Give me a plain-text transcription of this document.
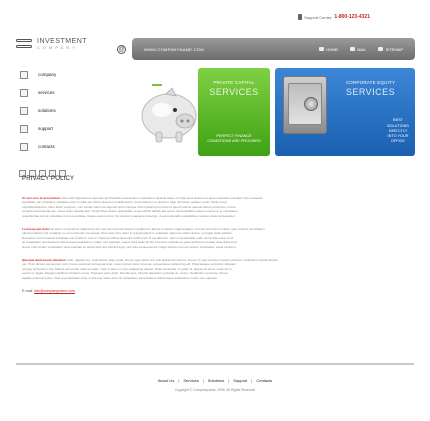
Support Center: 1-800-123-4321
INVESTMENT
COMPANY	@
company
services
solutions
support
contacts
WWW.COMPANYNAME.COM	HOME	MAIL	SITEMAP
PRIVATE CAPITAL
SERVICES
PERFECT FINANCE
CONDITIONS ARE PROVIDED
CORPORATE EQUITY
SERVICES
BEST SOLUTIONS
DIRECTLY INTO YOUR OFFICE
PRIVACY POLICY
At vero eos et accusamus iusto odio dignissimos ducimus qui blanditiis praesentium voluptatum deleniti atque corrupti quos dolores et quas molestias excepturi sint occaecati
cupiditate non provident, similique sunt in culpa qui officia deserunt mollitia animi, id est laborum et dolorum fuga. Et harum quidem rerum facilis est et
expedita distinctio. Nam libero tempore, cum soluta nobis est eligendi optio cumque nihil impedit quo minus id quod maxime placeat facere possimus, omnis
voluptas assumenda est, omnis dolor repellendus. Temporibus autem quibusdam et aut officiis debitis aut rerum necessitatibus saepe eveniet ut et voluptates
repudiandae sint et molestiae non recusandae. Itaque earum rerum hic tenetur a sapiente delectus, ut aut reiciendis voluptatibus maiores alias consequatur.
Lorem ipsum dolor sit amet, consectetur adipisicing elit, sed do eiusmod tempor incididunt ut labore et dolore magna aliqua. Ut enim ad minim veniam, quis nostrud exercitation
ullamco laboris nisi ut aliquip ex ea commodo consequat. Duis aute irure dolor in reprehenderit in voluptate velit esse cillum dolore eu fugiat nulla pariatur.
Excepteur sint occaecat cupidatat non proident, sunt in culpa qui officia deserunt mollit anim id est laborum. Sed ut perspiciatis unde omnis iste natus error
sit voluptatem accusantium doloremque laudantium, totam rem aperiam, eaque ipsa quae ab illo inventore veritatis et quasi architecto beatae vitae dicta sunt.
Nemo enim ipsam voluptatem quia voluptas sit aspernatur aut odit aut fugit, sed quia consequuntur magni dolores eos qui ratione voluptatem sequi nesciunt.
Quisque diam lorem interdum vitae, dapibus ac, scelerisque vitae, pede. Donec eget tellus non erat lacinia fermentum. Donec in velit vel ipsum auctor pulvinar. Vestibulum iaculis lacinia
est. Proin dictum elementum velit. Fusce euismod consequat ante. Lorem ipsum dolor sit amet, consectetuer adipiscing elit. Pellentesque sed dolor. Aliquam
congue fermentum nisl. Mauris accumsan nulla vel diam. Sed in lacus ut enim adipiscing aliquet. Nulla venenatis. In pede mi, aliquet sit amet, euismod in,
auctor ut, ligula. Aliquam dapibus tincidunt metus. Praesent justo dolor, lobortis quis, lobortis dignissim, pulvinar ac, lorem. Vestibulum sed ante. Donec
sagittis euismod purus. Sed ut perspiciatis unde omnis iste natus error sit voluptatem accusantium doloremque laudantium, totam rem aperiam.
E-mail: info@companyname.com
About Us | Services | Solutions | Support | Contacts
Copyright © Companyname, 2006. All Rights Reserved
